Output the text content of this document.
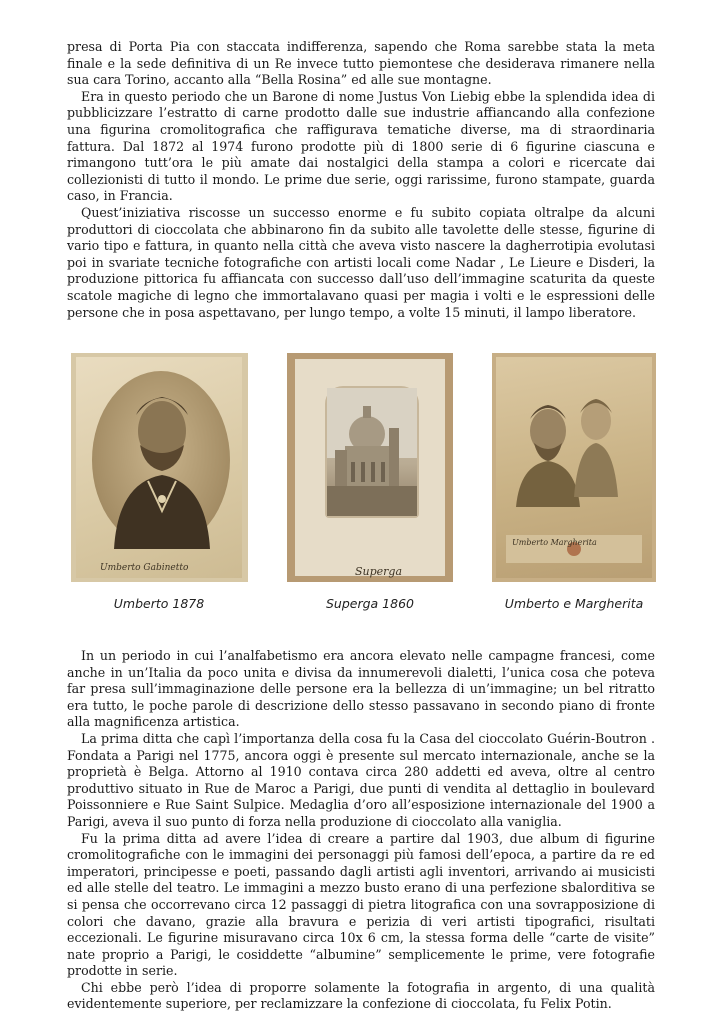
presa di Porta Pia con staccata indifferenza, sapendo che Roma sarebbe stata la meta finale e la sede definitiva di un Re invece tutto piemontese che desiderava rimanere nella sua cara Torino, accanto alla “Bella Rosina” ed alle sue montagne.

Era in questo periodo che un Barone di nome Justus Von Liebig ebbe la splendida idea di pubblicizzare l’estratto di carne prodotto dalle sue industrie affiancando alla confezione una figurina cromolitografica che raffigurava tematiche diverse, ma di straordinaria fattura. Dal 1872 al 1974 furono prodotte più di 1800 serie di 6 figurine ciascuna e rimangono tutt’ora le più amate dai nostalgici della stampa a colori e ricercate dai collezionisti di tutto il mondo. Le prime due serie, oggi rarissime, furono stampate, guarda caso, in Francia.

Quest’iniziativa riscosse un successo enorme e fu subito copiata oltralpe da alcuni produttori di cioccolata che abbinarono fin da subito alle tavolette delle stesse, figurine di vario tipo e fattura, in quanto nella città che aveva visto nascere la dagherrotipia evolutasi poi in svariate tecniche fotografiche con artisti locali come Nadar , Le Lieure e Disderi, la produzione pittorica fu affiancata con successo dall’uso dell’immagine scaturita da queste scatole magiche di legno che immortalavano quasi per magia i volti e le espressioni delle persone che in posa aspettavano, per lungo tempo, a volte 15 minuti, il lampo liberatore.

Umberto Gabinetto	Superga
Umberto Margherita
Umberto 1878	Superga 1860	Umberto e Margherita

In un periodo in cui l’analfabetismo era ancora elevato nelle campagne francesi, come anche in un’Italia da poco unita e divisa da innumerevoli dialetti, l’unica cosa che poteva far presa sull’immaginazione delle persone era la bellezza di un’immagine; un bel ritratto era tutto, le poche parole di descrizione dello stesso passavano in secondo piano di fronte alla magnificenza artistica.

La prima ditta che capì l’importanza della cosa fu la Casa del cioccolato Guérin-Boutron . Fondata a Parigi nel 1775, ancora oggi è presente sul mercato internazionale, anche se la proprietà è Belga. Attorno al 1910 contava circa 280 addetti ed aveva, oltre al centro produttivo situato in Rue de Maroc a Parigi, due punti di vendita al dettaglio in boulevard Poissonniere e Rue Saint Sulpice. Medaglia d’oro all’esposizione internazionale del 1900 a Parigi, aveva il suo punto di forza nella produzione di cioccolato alla vaniglia.

Fu la prima ditta ad avere l’idea di creare a partire dal 1903, due album di figurine cromolitografiche con le immagini dei personaggi più famosi dell’epoca, a partire da re ed imperatori, principesse e poeti, passando dagli artisti agli inventori, arrivando ai musicisti ed alle stelle del teatro. Le immagini a mezzo busto erano di una perfezione sbalorditiva se si pensa che occorrevano circa 12 passaggi di pietra litografica con una sovrapposizione di colori che davano, grazie alla bravura e perizia di veri artisti tipografici, risultati eccezionali. Le figurine misuravano circa 10x 6 cm, la stessa forma delle “carte de visite” nate proprio a Parigi, le cosiddette “albumine” semplicemente le prime, vere fotografie prodotte in serie.

Chi ebbe però l’idea di proporre solamente la fotografia in argento, di una qualità evidentemente superiore, per reclamizzare la confezione di cioccolata, fu Felix Potin.
